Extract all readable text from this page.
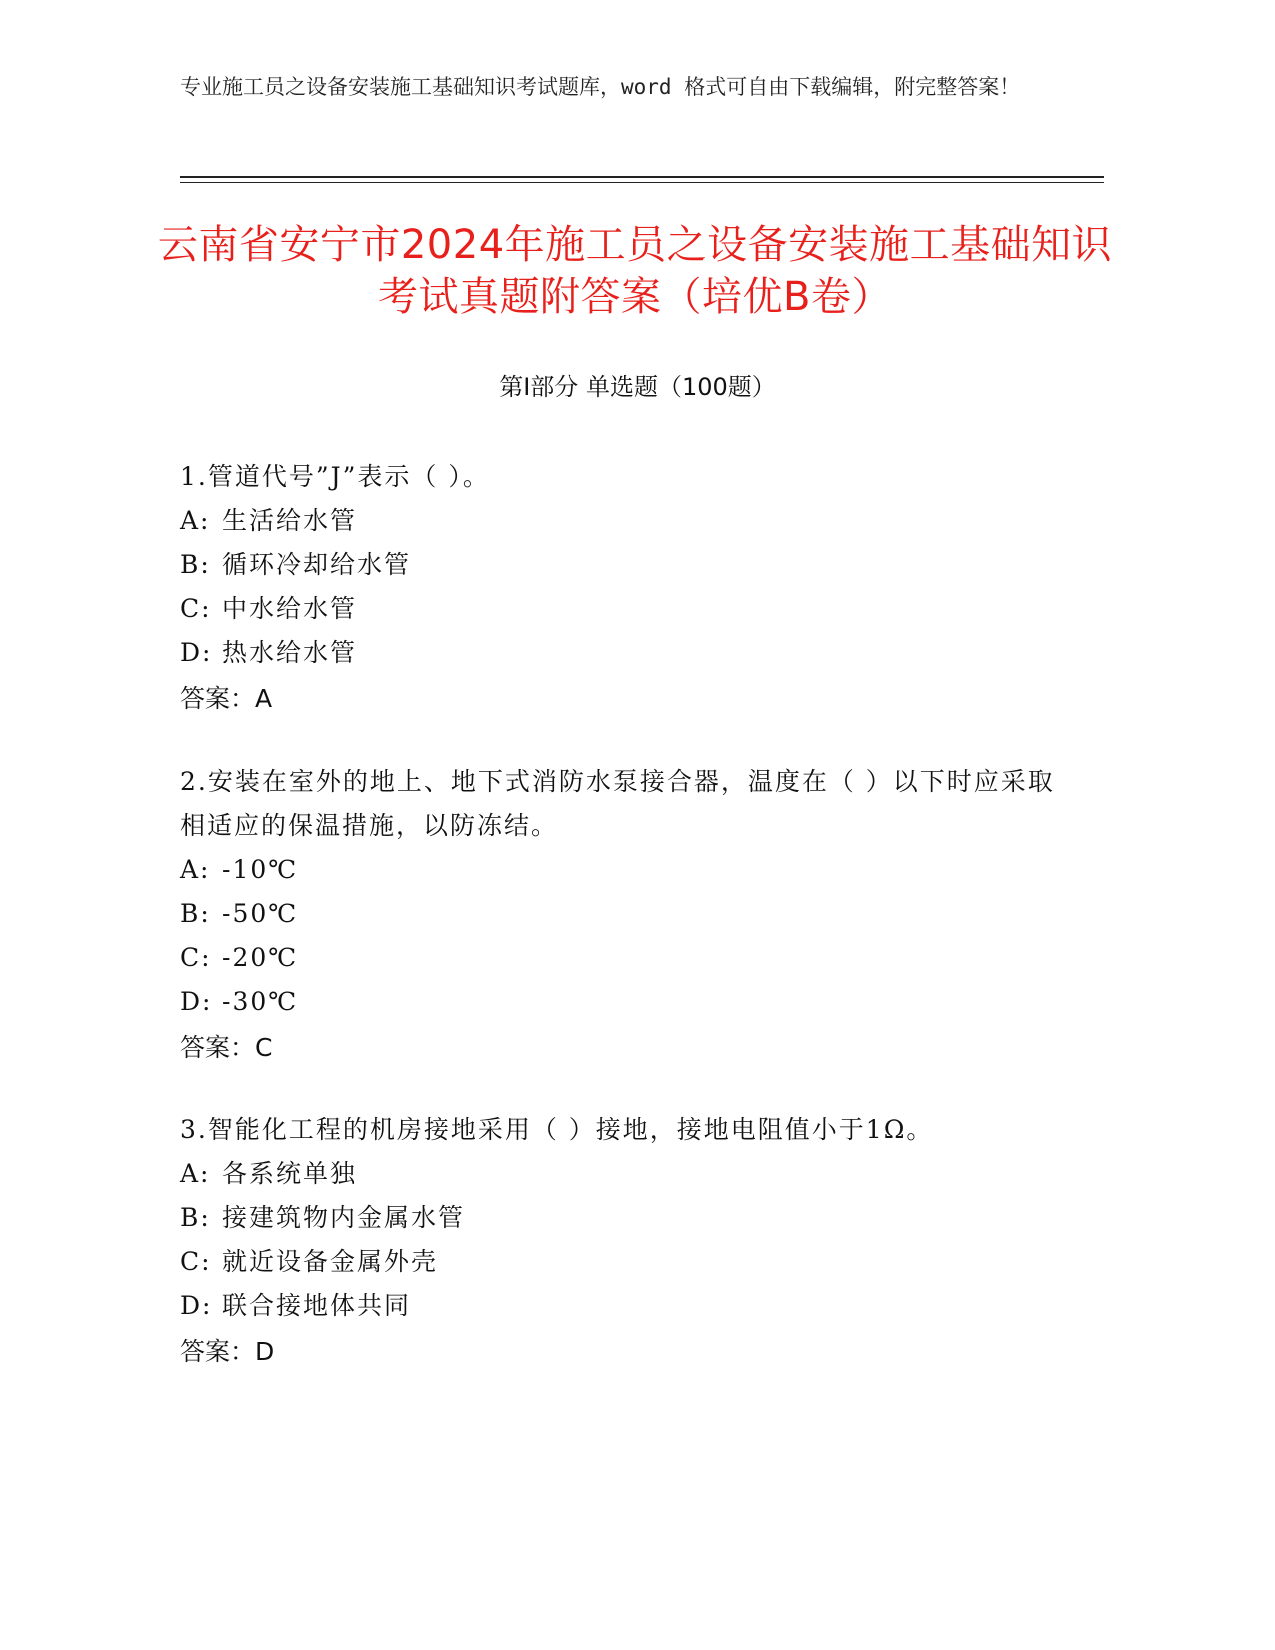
专业施工员之设备安装施工基础知识考试题库，word 格式可自由下载编辑，附完整答案！
云南省安宁市2024年施工员之设备安装施工基础知识考试真题附答案（培优B卷）
第Ⅰ部分 单选题（100题）
1.管道代号”J”表示（ ）。
A: 生活给水管
B: 循环冷却给水管
C: 中水给水管
D: 热水给水管
答案：A
2.安装在室外的地上、地下式消防水泵接合器，温度在（ ）以下时应采取相适应的保温措施，以防冻结。
A: -10℃
B: -50℃
C: -20℃
D: -30℃
答案：C
3.智能化工程的机房接地采用（ ）接地，接地电阻值小于1Ω。
A: 各系统单独
B: 接建筑物内金属水管
C: 就近设备金属外壳
D: 联合接地体共同
答案：D
